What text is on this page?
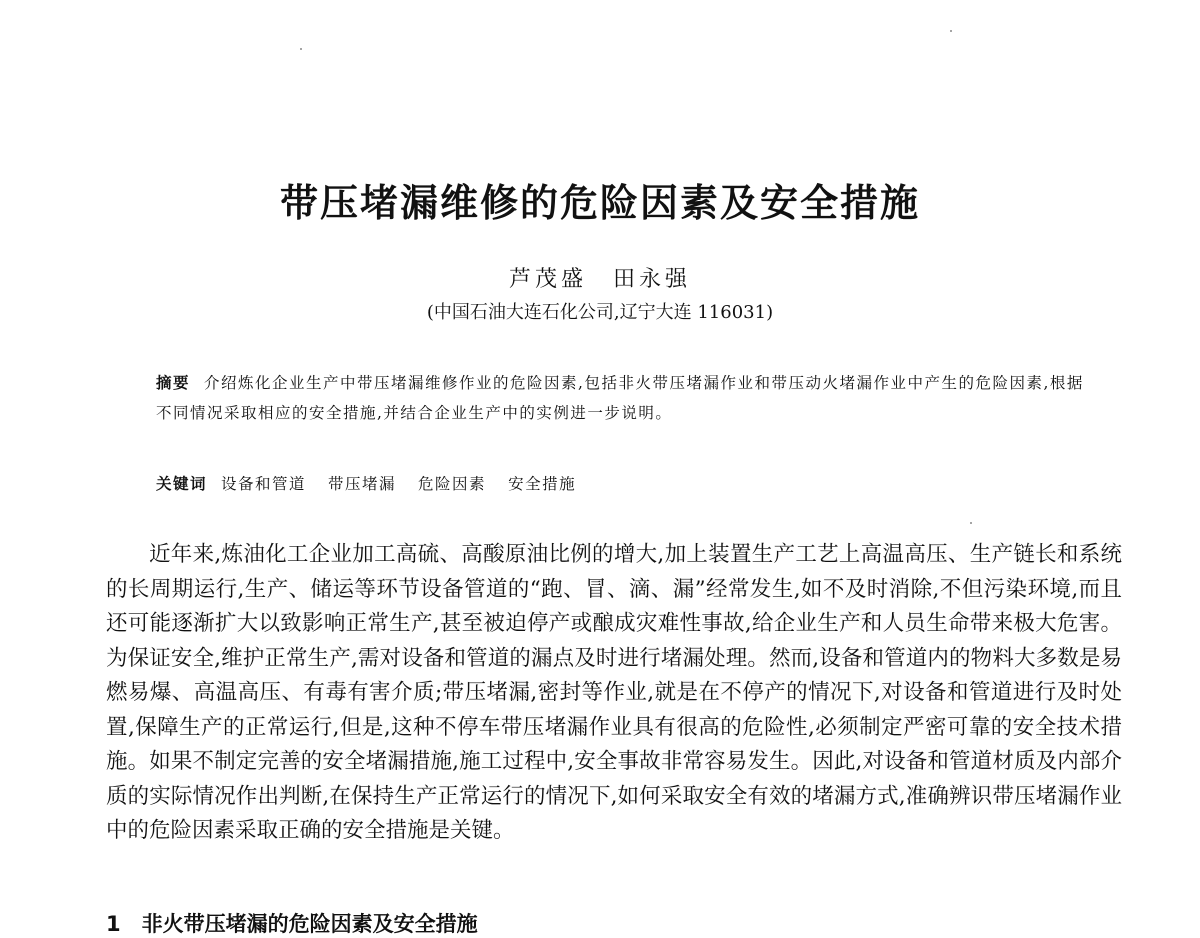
带压堵漏维修的危险因素及安全措施
芦茂盛　田永强
(中国石油大连石化公司,辽宁大连 116031)
摘要 介绍炼化企业生产中带压堵漏维修作业的危险因素,包括非火带压堵漏作业和带压动火堵漏作业中产生的危险因素,根据不同情况采取相应的安全措施,并结合企业生产中的实例进一步说明。
关键词 设备和管道 带压堵漏 危险因素 安全措施

近年来,炼油化工企业加工高硫、高酸原油比例的增大,加上装置生产工艺上高温高压、生产链长和系统的长周期运行,生产、储运等环节设备管道的“跑、冒、滴、漏”经常发生,如不及时消除,不但污染环境,而且还可能逐渐扩大以致影响正常生产,甚至被迫停产或酿成灾难性事故,给企业生产和人员生命带来极大危害。为保证安全,维护正常生产,需对设备和管道的漏点及时进行堵漏处理。然而,设备和管道内的物料大多数是易燃易爆、高温高压、有毒有害介质;带压堵漏,密封等作业,就是在不停产的情况下,对设备和管道进行及时处置,保障生产的正常运行,但是,这种不停车带压堵漏作业具有很高的危险性,必须制定严密可靠的安全技术措施。如果不制定完善的安全堵漏措施,施工过程中,安全事故非常容易发生。因此,对设备和管道材质及内部介质的实际情况作出判断,在保持生产正常运行的情况下,如何采取安全有效的堵漏方式,准确辨识带压堵漏作业中的危险因素采取正确的安全措施是关键。

1　非火带压堵漏的危险因素及安全措施
